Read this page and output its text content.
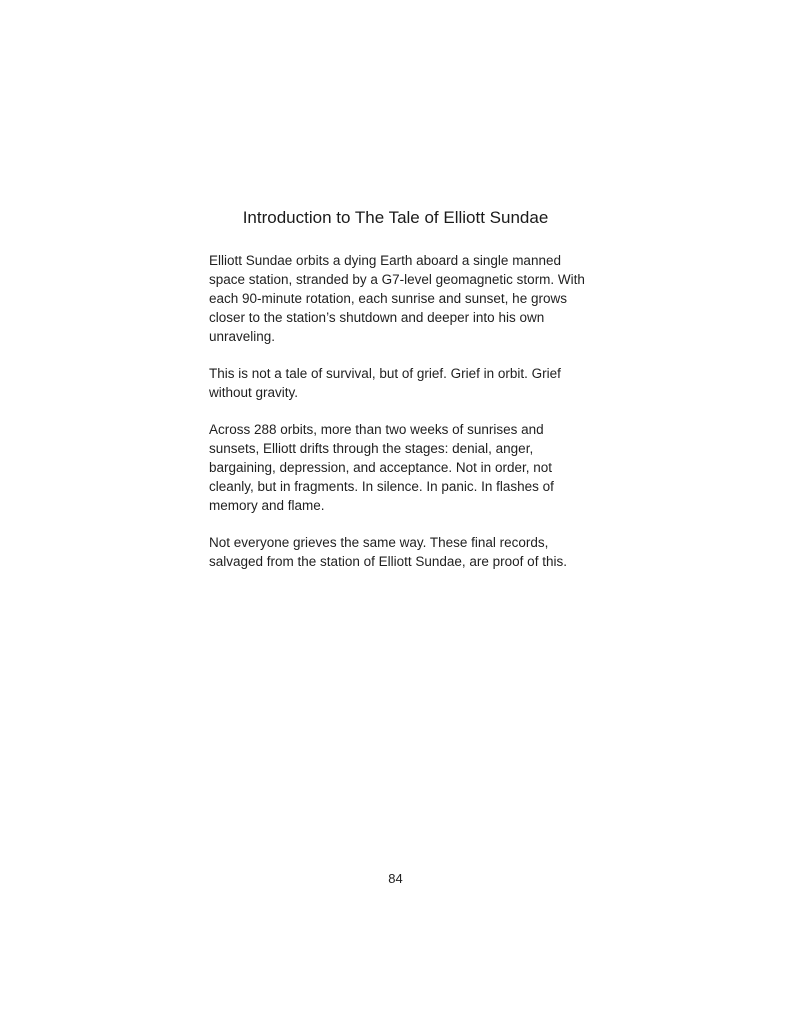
Introduction to The Tale of Elliott Sundae

Elliott Sundae orbits a dying Earth aboard a single manned space station, stranded by a G7-level geomagnetic storm. With each 90-minute rotation, each sunrise and sunset, he grows closer to the station’s shutdown and deeper into his own unraveling.

This is not a tale of survival, but of grief. Grief in orbit. Grief without gravity.

Across 288 orbits, more than two weeks of sunrises and sunsets, Elliott drifts through the stages: denial, anger, bargaining, depression, and acceptance. Not in order, not cleanly, but in fragments. In silence. In panic. In flashes of memory and flame.

Not everyone grieves the same way. These final records, salvaged from the station of Elliott Sundae, are proof of this.

84
